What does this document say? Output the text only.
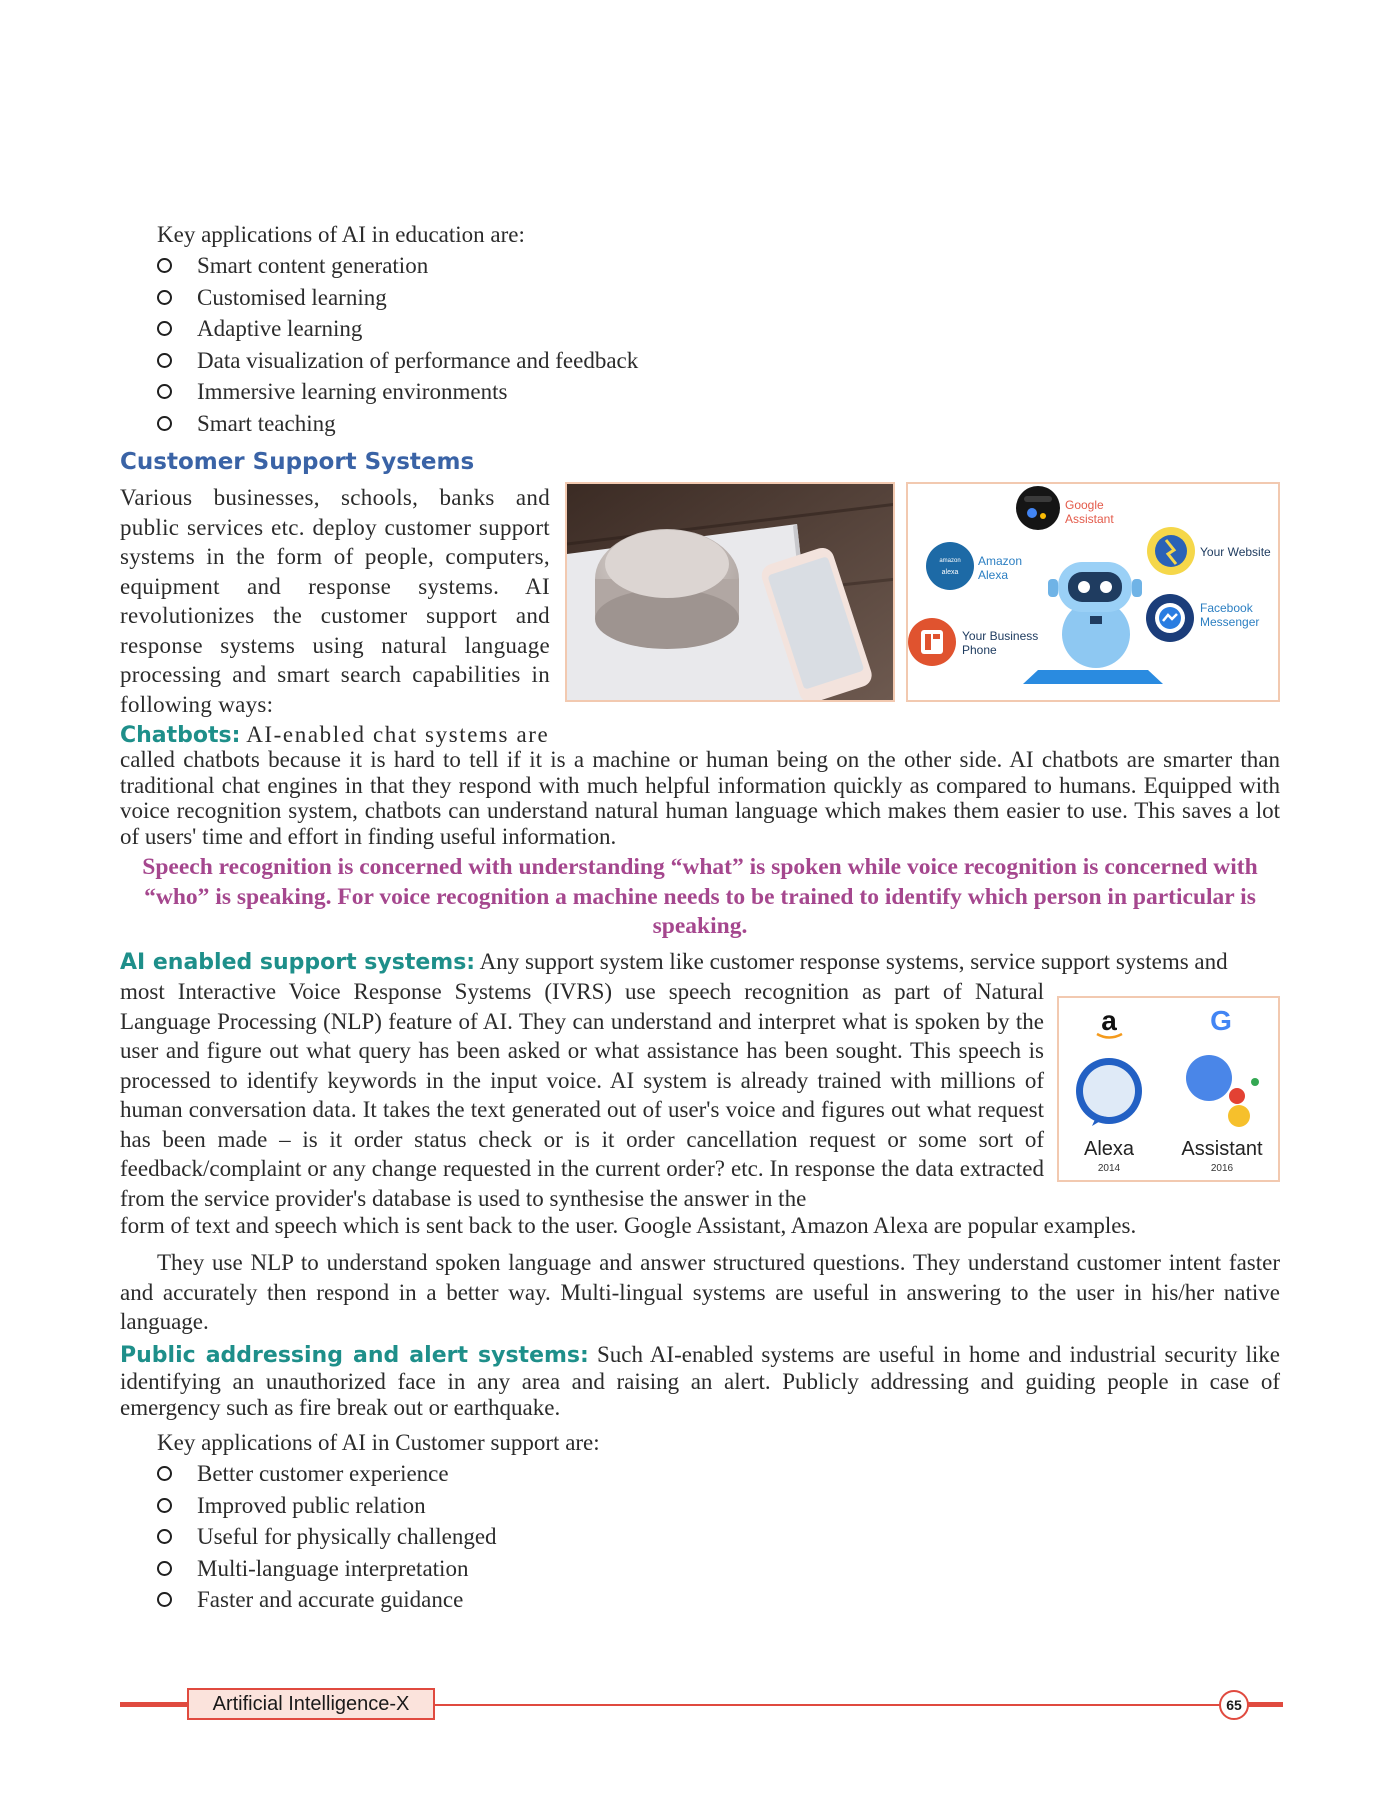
Key applications of AI in education are:
Smart content generation
Customised learning
Adaptive learning
Data visualization of performance and feedback
Immersive learning environments
Smart teaching
Customer Support Systems
Various businesses, schools, banks and public services etc. deploy customer support systems in the form of people, computers, equipment and response systems. AI revolutionizes the customer support and response systems using natural language processing and smart search capabilities in following ways:
Google
Assistant
amazon
alexa
Amazon
Alexa
Your Website
Facebook
Messenger
Your Business
Phone
Chatbots: AI-enabled chat systems are
called chatbots because it is hard to tell if it is a machine or human being on the other side. AI chatbots are smarter than traditional chat engines in that they respond with much helpful information quickly as compared to humans. Equipped with voice recognition system, chatbots can understand natural human language which makes them easier to use. This saves a lot of users' time and effort in finding useful information.
Speech recognition is concerned with understanding “what” is spoken while voice recognition is concerned with “who” is speaking. For voice recognition a machine needs to be trained to identify which person in particular is speaking.
AI enabled support systems: Any support system like customer response systems, service support systems and
most Interactive Voice Response Systems (IVRS) use speech recognition as part of Natural Language Processing (NLP) feature of AI. They can understand and interpret what is spoken by the user and figure out what query has been asked or what assistance has been sought. This speech is processed to identify keywords in the input voice. AI system is already trained with millions of human conversation data. It takes the text generated out of user's voice and figures out what request has been made – is it order status check or is it order cancellation request or some sort of feedback/complaint or any change requested in the current order? etc. In response the data extracted from the service provider's database is used to synthesise the answer in the
form of text and speech which is sent back to the user. Google Assistant, Amazon Alexa are popular examples.
a	G
Alexa
2014
Assistant
2016
They use NLP to understand spoken language and answer structured questions. They understand customer intent faster and accurately then respond in a better way. Multi-lingual systems are useful in answering to the user in his/her native language.
Public addressing and alert systems: Such AI-enabled systems are useful in home and industrial security like identifying an unauthorized face in any area and raising an alert. Publicly addressing and guiding people in case of emergency such as fire break out or earthquake.
Key applications of AI in Customer support are:
Better customer experience
Improved public relation
Useful for physically challenged
Multi-language interpretation
Faster and accurate guidance
Artificial Intelligence-X	65
